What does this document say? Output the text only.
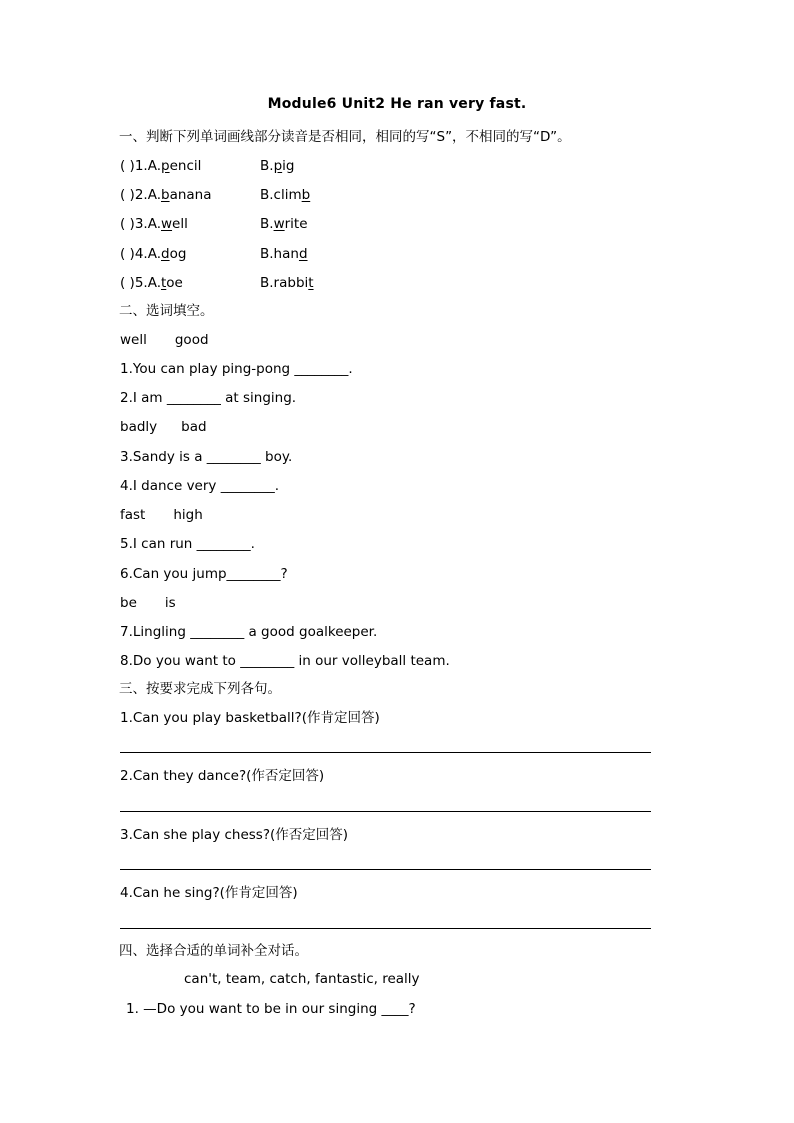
Module6 Unit2 He ran very fast.
一、判断下列单词画线部分读音是否相同，相同的写“S”，不相同的写“D”。
( )1.A.pencil	B.pig
( )2.A.banana	B.climb
( )3.A.well	B.write
( )4.A.dog	B.hand
( )5.A.toe	B.rabbit
二、选词填空。
well good
1.You can play ping-pong ________.
2.I am ________ at singing.
badly bad
3.Sandy is a ________ boy.
4.I dance very ________.
fast high
5.I can run ________.
6.Can you jump________?
be is
7.Lingling ________ a good goalkeeper.
8.Do you want to ________ in our volleyball team.
三、按要求完成下列各句。
1.Can you play basketball?(作肯定回答)
2.Can they dance?(作否定回答)
3.Can she play chess?(作否定回答)
4.Can he sing?(作肯定回答)
四、选择合适的单词补全对话。
can't, team, catch, fantastic, really
1. —Do you want to be in our singing ____?
